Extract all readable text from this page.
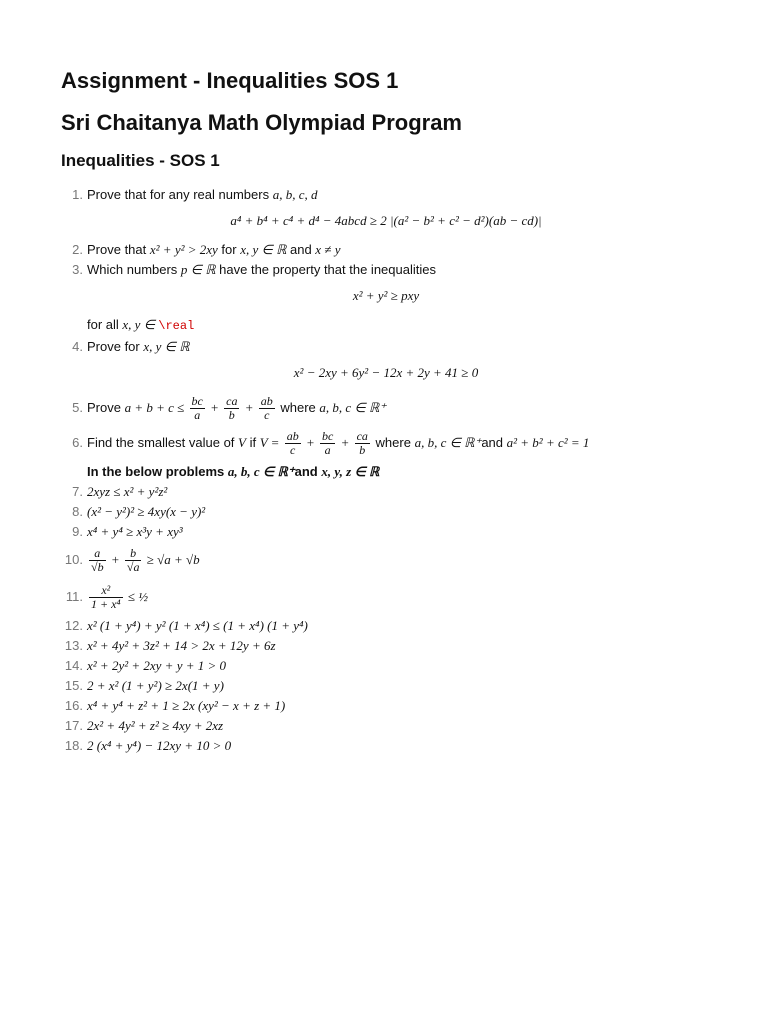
Assignment - Inequalities SOS 1
Sri Chaitanya Math Olympiad Program
Inequalities - SOS 1
1. Prove that for any real numbers a, b, c, d
a⁴ + b⁴ + c⁴ + d⁴ − 4abcd ≥ 2 |(a² − b² + c² − d²)(ab − cd)|
2. Prove that x² + y² > 2xy for x, y ∈ ℝ and x ≠ y
3. Which numbers p ∈ ℝ have the property that the inequalities
x² + y² ≥ pxy
for all x, y ∈ \real
4. Prove for x, y ∈ ℝ
x² − 2xy + 6y² − 12x + 2y + 41 ≥ 0
5. Prove $a + b + c \le \frac{bc}{a} + \frac{ca}{b} + \frac{ab}{c}$ where a, b, c ∈ ℝ⁺
6. Find the smallest value of V if $V = \frac{ab}{c} + \frac{bc}{a} + \frac{ca}{b}$ where a, b, c ∈ ℝ⁺and a² + b² + c² = 1
In the below problems a, b, c ∈ ℝ⁺and x, y, z ∈ ℝ
7. 2xyz ≤ x² + y²z²
8. (x² − y²)² ≥ 4xy(x − y)²
9. x⁴ + y⁴ ≥ x³y + xy³
10. $\frac{a}{√b} + \frac{b}{√a} \ge √a + √b$
11. $\frac{\text{x²}}{\text{1 + x⁴}}$ ≤ ½
12. x² (1 + y⁴) + y² (1 + x⁴) ≤ (1 + x⁴) (1 + y⁴)
13. x² + 4y² + 3z² + 14 > 2x + 12y + 6z
14. x² + 2y² + 2xy + y + 1 > 0
15. 2 + x² (1 + y²) ≥ 2x(1 + y)
16. x⁴ + y⁴ + z² + 1 ≥ 2x (xy² − x + z + 1)
17. 2x² + 4y² + z² ≥ 4xy + 2xz
18. 2 (x⁴ + y⁴) − 12xy + 10 > 0
